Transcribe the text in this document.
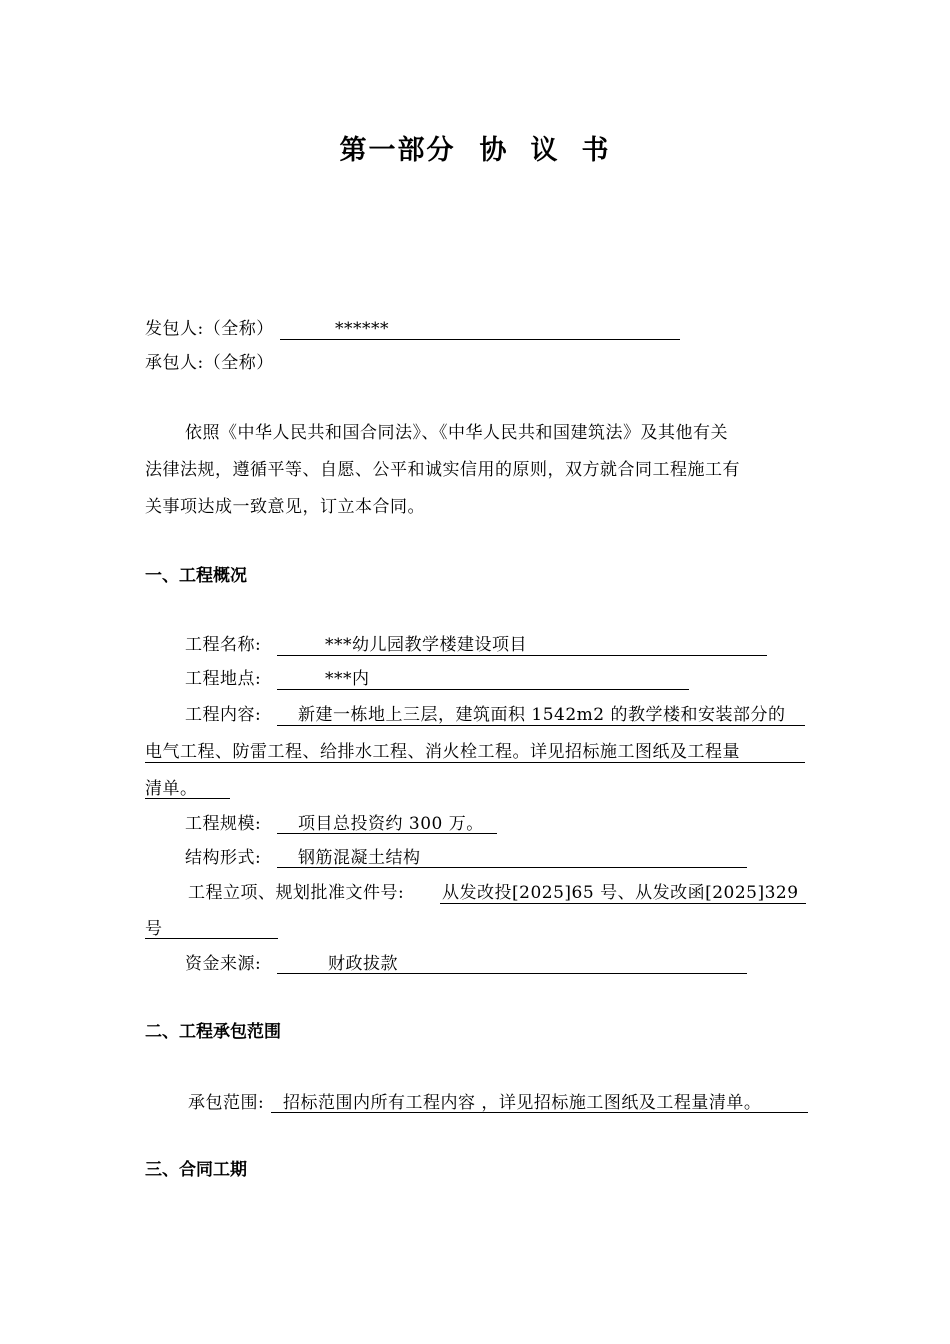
第一部分 协 议 书
发包人:（全称）	******
承包人:（全称）
依照《中华人民共和国合同法》、《中华人民共和国建筑法》及其他有关
法律法规，遵循平等、自愿、公平和诚实信用的原则，双方就合同工程施工有
关事项达成一致意见，订立本合同。
一、工程概况
工程名称:	***幼儿园教学楼建设项目
工程地点:	***内
工程内容: 新建一栋地上三层，建筑面积 1542m2 的教学楼和安装部分的
电气工程、防雷工程、给排水工程、消火栓工程。详见招标施工图纸及工程量
清单。
工程规模: 项目总投资约 300 万。
结构形式: 钢筋混凝土结构
工程立项、规划批准文件号: 从发改投[2025]65 号、从发改函[2025]329
号
资金来源:	财政拔款
二、工程承包范围
承包范围: 招标范围内所有工程内容 ，详见招标施工图纸及工程量清单。
三、合同工期
